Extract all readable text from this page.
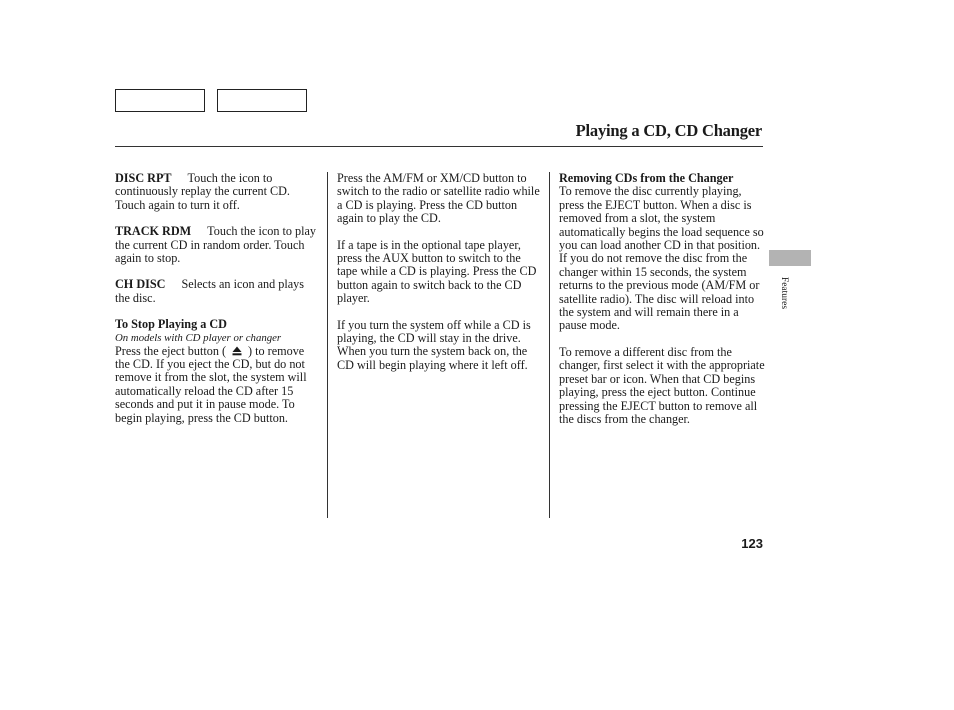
Playing a CD, CD Changer

DISC RPT Touch the icon to continuously replay the current CD. Touch again to turn it off.

TRACK RDM Touch the icon to play the current CD in random order. Touch again to stop.

CH DISC Selects an icon and plays the disc.

To Stop Playing a CD
On models with CD player or changer
Press the eject button ( ) to remove the CD. If you eject the CD, but do not remove it from the slot, the system will automatically reload the CD after 15 seconds and put it in pause mode. To begin playing, press the CD button.

Press the AM/FM or XM/CD button to switch to the radio or satellite radio while a CD is playing. Press the CD button again to play the CD.

If a tape is in the optional tape player, press the AUX button to switch to the tape while a CD is playing. Press the CD button again to switch back to the CD player.

If you turn the system off while a CD is playing, the CD will stay in the drive. When you turn the system back on, the CD will begin playing where it left off.

Removing CDs from the Changer
To remove the disc currently playing, press the EJECT button. When a disc is removed from a slot, the system automatically begins the load sequence so you can load another CD in that position. If you do not remove the disc from the changer within 15 seconds, the system returns to the previous mode (AM/FM or satellite radio). The disc will reload into the system and will remain there in a pause mode.

To remove a different disc from the changer, first select it with the appropriate preset bar or icon. When that CD begins playing, press the eject button. Continue pressing the EJECT button to remove all the discs from the changer.

Features
123
